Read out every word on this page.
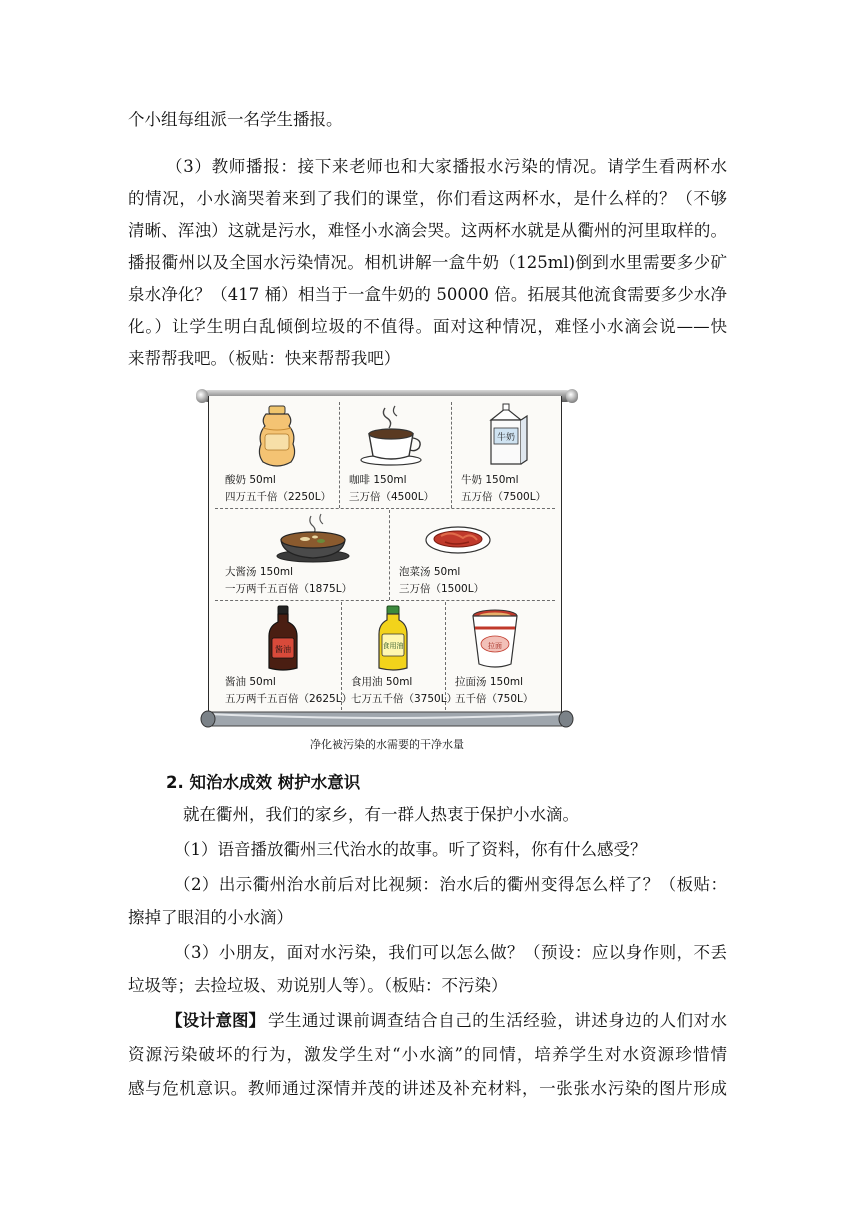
个小组每组派一名学生播报。
（3）教师播报：接下来老师也和大家播报水污染的情况。请学生看两杯水
的情况，小水滴哭着来到了我们的课堂，你们看这两杯水，是什么样的？（不够
清晰、浑浊）这就是污水，难怪小水滴会哭。这两杯水就是从衢州的河里取样的。
播报衢州以及全国水污染情况。相机讲解一盒牛奶（125ml)倒到水里需要多少矿
泉水净化？（417 桶）相当于一盒牛奶的 50000 倍。拓展其他流食需要多少水净
化。）让学生明白乱倾倒垃圾的不值得。面对这种情况，难怪小水滴会说——快
来帮帮我吧。（板贴：快来帮帮我吧）
酸奶 50ml
四万五千倍（2250L）
咖啡 150ml
三万倍（4500L）
牛奶
牛奶 150ml
五万倍（7500L）
大酱汤 150ml
一万两千五百倍（1875L）
泡菜汤 50ml
三万倍（1500L）
酱油
酱油 50ml
五万两千五百倍（2625L）
食用油
食用油 50ml
七万五千倍（3750L）
拉面
拉面汤 150ml
五千倍（750L）
净化被污染的水需要的干净水量
2. 知治水成效 树护水意识
就在衢州，我们的家乡，有一群人热衷于保护小水滴。
（1）语音播放衢州三代治水的故事。听了资料，你有什么感受？
（2）出示衢州治水前后对比视频：治水后的衢州变得怎么样了？（板贴：
擦掉了眼泪的小水滴）
（3）小朋友，面对水污染，我们可以怎么做？（预设：应以身作则，不丢
垃圾等；去捡垃圾、劝说别人等）。（板贴：不污染）
【设计意图】 学生通过课前调查结合自己的生活经验，讲述身边的人们对水
资源污染破坏的行为，激发学生对“小水滴”的同情，培养学生对水资源珍惜情
感与危机意识。教师通过深情并茂的讲述及补充材料，一张张水污染的图片形成
